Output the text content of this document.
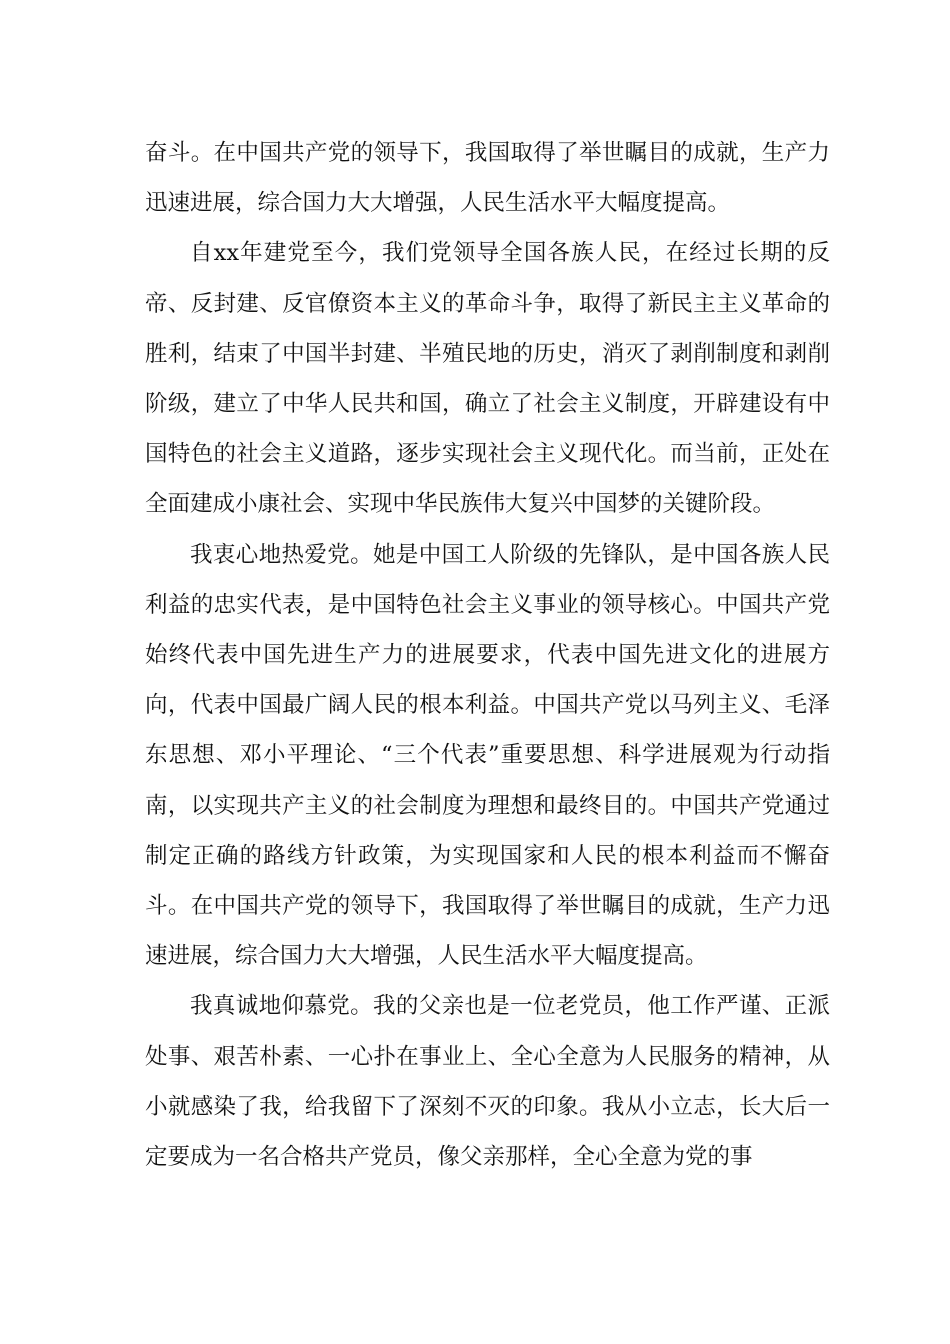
奋斗。在中国共产党的领导下，我国取得了举世瞩目的成就，生产力迅速进展，综合国力大大增强，人民生活水平大幅度提高。

自xx年建党至今，我们党领导全国各族人民，在经过长期的反帝、反封建、反官僚资本主义的革命斗争，取得了新民主主义革命的胜利，结束了中国半封建、半殖民地的历史，消灭了剥削制度和剥削阶级，建立了中华人民共和国，确立了社会主义制度，开辟建设有中国特色的社会主义道路，逐步实现社会主义现代化。而当前，正处在全面建成小康社会、实现中华民族伟大复兴中国梦的关键阶段。

我衷心地热爱党。她是中国工人阶级的先锋队，是中国各族人民利益的忠实代表，是中国特色社会主义事业的领导核心。中国共产党始终代表中国先进生产力的进展要求，代表中国先进文化的进展方向，代表中国最广阔人民的根本利益。中国共产党以马列主义、毛泽东思想、邓小平理论、“三个代表”重要思想、科学进展观为行动指南，以实现共产主义的社会制度为理想和最终目的。中国共产党通过制定正确的路线方针政策，为实现国家和人民的根本利益而不懈奋斗。在中国共产党的领导下，我国取得了举世瞩目的成就，生产力迅速进展，综合国力大大增强，人民生活水平大幅度提高。

我真诚地仰慕党。我的父亲也是一位老党员，他工作严谨、正派处事、艰苦朴素、一心扑在事业上、全心全意为人民服务的精神，从小就感染了我，给我留下了深刻不灭的印象。我从小立志，长大后一定要成为一名合格共产党员，像父亲那样，全心全意为党的事
